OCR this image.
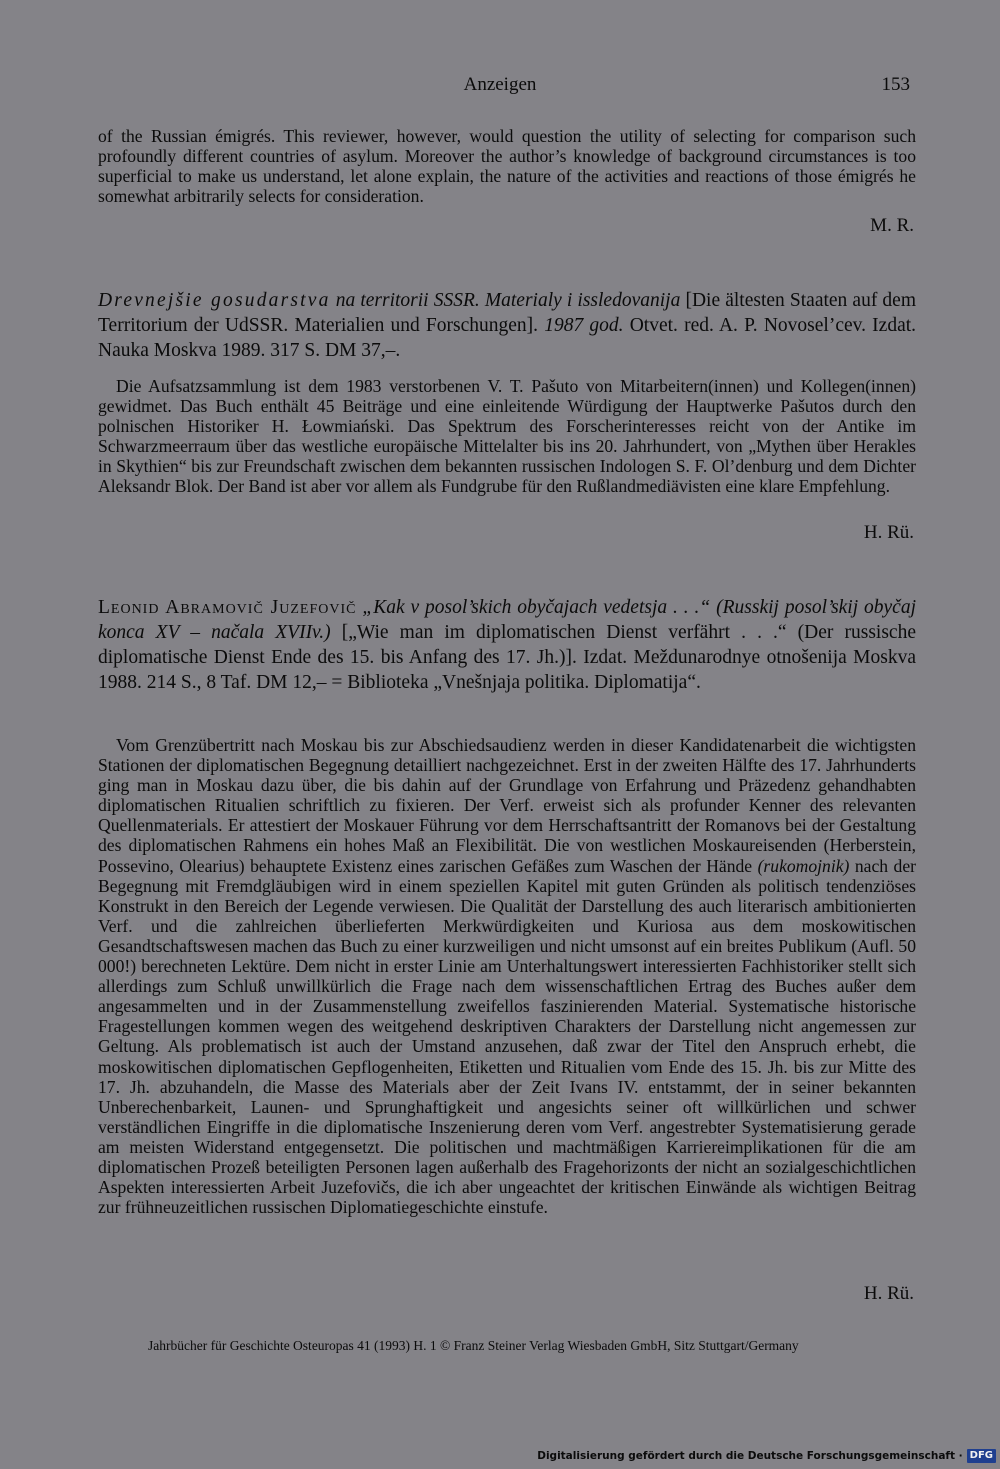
Anzeigen	153

of the Russian émigrés. This reviewer, however, would question the utility of selecting for comparison such profoundly different countries of asylum. Moreover the author’s knowledge of background circumstances is too superficial to make us understand, let alone explain, the nature of the activities and reactions of those émigrés he somewhat arbitrarily selects for consideration.

M. R.
Drevnejšie gosudarstva na territorii SSSR. Materialy i issledovanija [Die ältesten Staaten auf dem Territorium der UdSSR. Materialien und Forschungen]. 1987 god. Otvet. red. A. P. Novosel’cev. Izdat. Nauka Moskva 1989. 317 S. DM 37,–.

Die Aufsatzsammlung ist dem 1983 verstorbenen V. T. Pašuto von Mitarbeitern(innen) und Kollegen(innen) gewidmet. Das Buch enthält 45 Beiträge und eine einleitende Würdigung der Hauptwerke Pašutos durch den polnischen Historiker H. Łowmiański. Das Spektrum des Forscherinteresses reicht von der Antike im Schwarzmeerraum über das westliche europäische Mittelalter bis ins 20. Jahrhundert, von „Mythen über Herakles in Skythien“ bis zur Freundschaft zwischen dem bekannten russischen Indologen S. F. Ol’denburg und dem Dichter Aleksandr Blok. Der Band ist aber vor allem als Fundgrube für den Rußlandmediävisten eine klare Empfehlung.

H. Rü.
Leonid Abramovič Juzefovič „Kak v posol’skich obyčajach vedetsja . . .“ (Russkij posol’skij obyčaj konca XV – načala XVIIv.) [„Wie man im diplomatischen Dienst verfährt . . .“ (Der russische diplomatische Dienst Ende des 15. bis Anfang des 17. Jh.)]. Izdat. Meždunarodnye otnošenija Moskva 1988. 214 S., 8 Taf. DM 12,– = Biblioteka „Vnešnjaja politika. Diplomatija“.

Vom Grenzübertritt nach Moskau bis zur Abschiedsaudienz werden in dieser Kandidatenarbeit die wichtigsten Stationen der diplomatischen Begegnung detailliert nachgezeichnet. Erst in der zweiten Hälfte des 17. Jahrhunderts ging man in Moskau dazu über, die bis dahin auf der Grundlage von Erfahrung und Präzedenz gehandhabten diplomatischen Ritualien schriftlich zu fixieren. Der Verf. erweist sich als profunder Kenner des relevanten Quellenmaterials. Er attestiert der Moskauer Führung vor dem Herrschaftsantritt der Romanovs bei der Gestaltung des diplomatischen Rahmens ein hohes Maß an Flexibilität. Die von westlichen Moskaureisenden (Herberstein, Possevino, Olearius) behauptete Existenz eines zarischen Gefäßes zum Waschen der Hände (rukomojnik) nach der Begegnung mit Fremdgläubigen wird in einem speziellen Kapitel mit guten Gründen als politisch tendenziöses Konstrukt in den Bereich der Legende verwiesen. Die Qualität der Darstellung des auch literarisch ambitionierten Verf. und die zahlreichen überlieferten Merkwürdigkeiten und Kuriosa aus dem moskowitischen Gesandtschaftswesen machen das Buch zu einer kurzweiligen und nicht umsonst auf ein breites Publikum (Aufl. 50 000!) berechneten Lektüre. Dem nicht in erster Linie am Unterhaltungswert interessierten Fachhistoriker stellt sich allerdings zum Schluß unwillkürlich die Frage nach dem wissenschaftlichen Ertrag des Buches außer dem angesammelten und in der Zusammenstellung zweifellos faszinierenden Material. Systematische historische Fragestellungen kommen wegen des weitgehend deskriptiven Charakters der Darstellung nicht angemessen zur Geltung. Als problematisch ist auch der Umstand anzusehen, daß zwar der Titel den Anspruch erhebt, die moskowitischen diplomatischen Gepflogenheiten, Etiketten und Ritualien vom Ende des 15. Jh. bis zur Mitte des 17. Jh. abzuhandeln, die Masse des Materials aber der Zeit Ivans IV. entstammt, der in seiner bekannten Unberechenbarkeit, Launen- und Sprunghaftigkeit und angesichts seiner oft willkürlichen und schwer verständlichen Eingriffe in die diplomatische Inszenierung deren vom Verf. angestrebter Systematisierung gerade am meisten Widerstand entgegensetzt. Die politischen und machtmäßigen Karriereimplikationen für die am diplomatischen Prozeß beteiligten Personen lagen außerhalb des Fragehorizonts der nicht an sozialgeschichtlichen Aspekten interessierten Arbeit Juzefovičs, die ich aber ungeachtet der kritischen Einwände als wichtigen Beitrag zur frühneuzeitlichen russischen Diplomatiegeschichte einstufe.

H. Rü.
Jahrbücher für Geschichte Osteuropas 41 (1993) H. 1 © Franz Steiner Verlag Wiesbaden GmbH, Sitz Stuttgart/Germany
Digitalisierung gefördert durch die Deutsche Forschungsgemeinschaft · DFG
